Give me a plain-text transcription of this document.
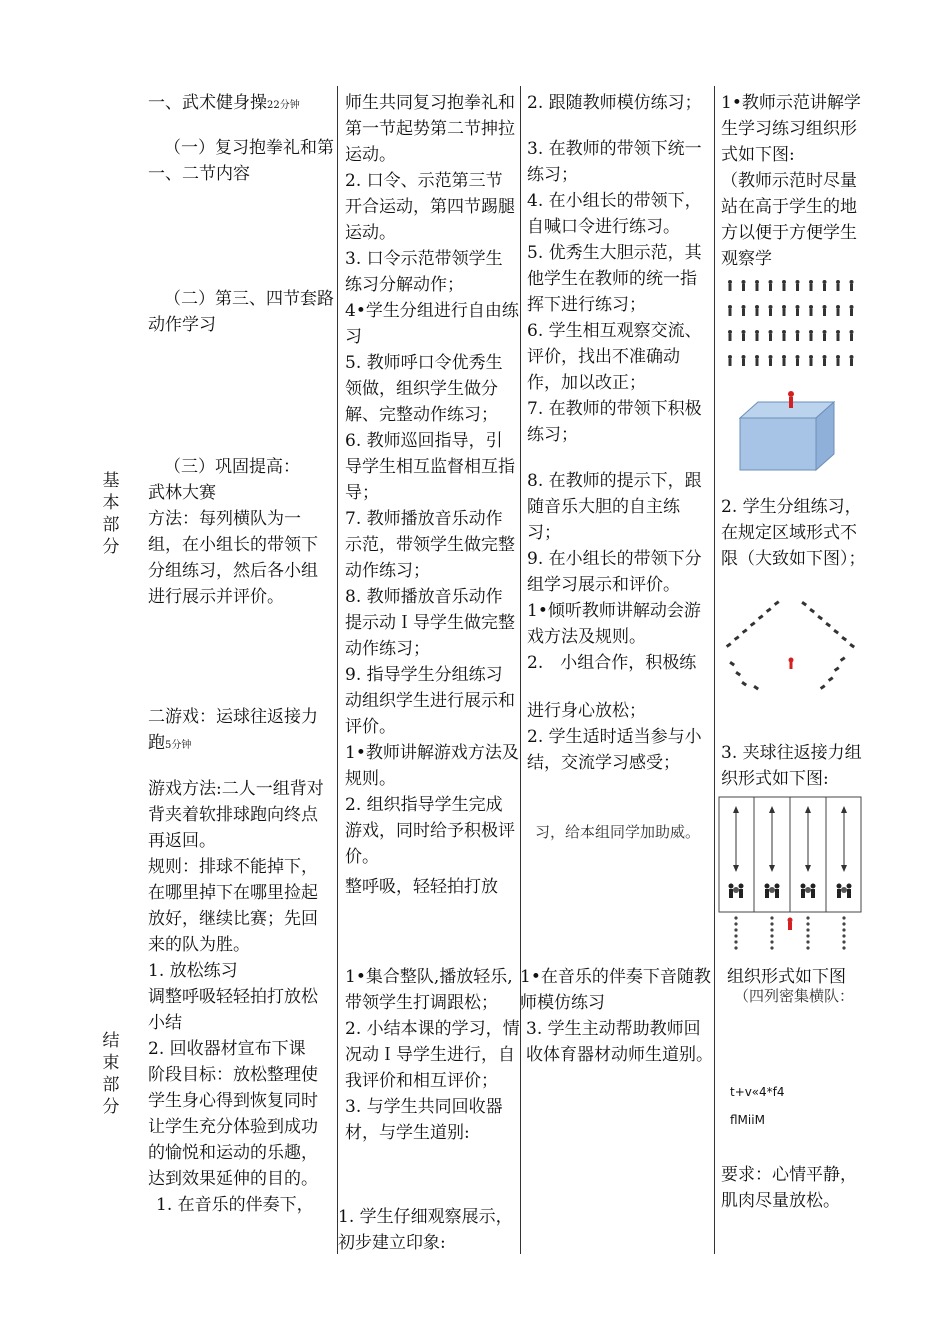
基本部分
结束部分

一、武术健身操22分钟

（一）复习抱拳礼和第一、二节内容

（二）第三、四节套路动作学习

（三）巩固提高：

武林大赛

方法：每列横队为一组，在小组长的带领下分组练习，然后各小组进行展示并评价。

二游戏：运球往返接力跑5分钟

游戏方法:二人一组背对背夹着软排球跑向终点再返回。

规则：排球不能掉下，在哪里掉下在哪里捡起放好，继续比赛；先回来的队为胜。

1. 放松练习

调整呼吸轻轻拍打放松

小结

2. 回收器材宣布下课

阶段目标：放松整理使学生身心得到恢复同时让学生充分体验到成功的愉悦和运动的乐趣，达到效果延伸的目的。

1. 在音乐的伴奏下，

师生共同复习抱拳礼和第一节起势第二节抻拉运动。

2. 口令、示范第三节开合运动，第四节踢腿运动。

3. 口令示范带领学生练习分解动作；

4•学生分组进行自由练习

5. 教师呼口令优秀生领做，组织学生做分解、完整动作练习；

6. 教师巡回指导，引导学生相互监督相互指导；

7. 教师播放音乐动作示范，带领学生做完整动作练习；

8. 教师播放音乐动作提示动Ｉ导学生做完整动作练习；

9. 指导学生分组练习动组织学生进行展示和评价。

1•教师讲解游戏方法及规则。

2. 组织指导学生完成游戏，同时给予积极评价。

整呼吸，轻轻拍打放

1•集合整队,播放轻乐,带领学生打调跟松；

2. 小结本课的学习，情况动Ｉ导学生进行，自我评价和相互评价；

3. 与学生共同回收器材，与学生道别:

1. 学生仔细观察展示，初步建立印象:

2. 跟随教师模仿练习；

3. 在教师的带领下统一练习；

4. 在小组长的带领下，自喊口令进行练习。

5. 优秀生大胆示范，其他学生在教师的统一指挥下进行练习；

6. 学生相互观察交流、评价，找出不准确动作，加以改正；

7. 在教师的带领下积极练习；

8. 在教师的提示下，跟随音乐大胆的自主练习；

9. 在小组长的带领下分组学习展示和评价。

1•倾听教师讲解动会游戏方法及规则。

2.　小组合作，积极练

进行身心放松；

2. 学生适时适当参与小结，交流学习感受；

习，给本组同学加助威。

1•在音乐的伴奏下音随教师模仿练习

3. 学生主动帮助教师回收体育器材动师生道别。

1•教师示范讲解学生学习练习组织形式如下图:

（教师示范时尽量站在高于学生的地方以便于方便学生观察学

2. 学生分组练习，在规定区域形式不限（大致如下图）；

3. 夹球往返接力组织形式如下图:

组织形式如下图

（四列密集横队：

t+v«4*f4
flMiiM

要求：心情平静，肌肉尽量放松。
